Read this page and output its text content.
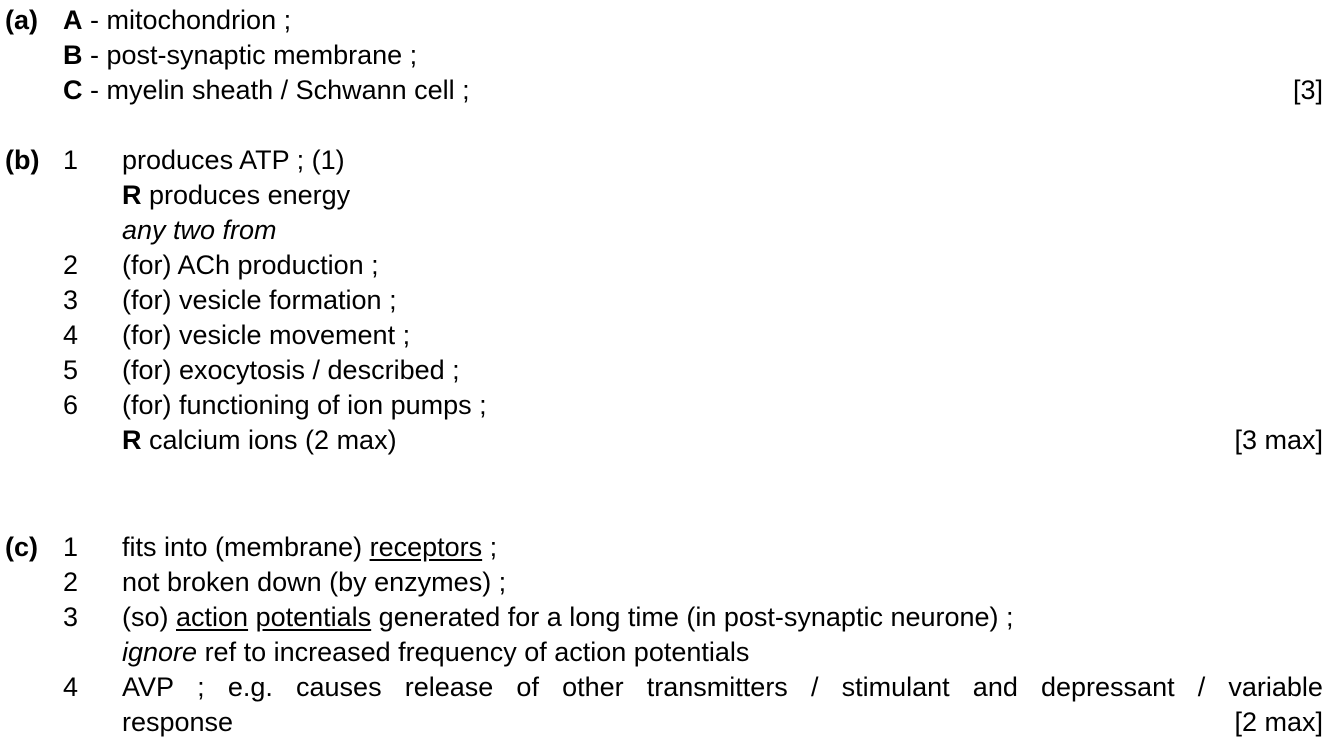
(a) A - mitochondrion ;
B - post-synaptic membrane ;
C - myelin sheath / Schwann cell ;	[3]
(b) 1 produces ATP ; (1)
R produces energy
any two from
2 (for) ACh production ;
3 (for) vesicle formation ;
4 (for) vesicle movement ;
5 (for) exocytosis / described ;
6 (for) functioning of ion pumps ;
R calcium ions (2 max)	[3 max]
(c) 1 fits into (membrane) receptors ;
2 not broken down (by enzymes) ;
3 (so) action potentials generated for a long time (in post-synaptic neurone) ;
ignore ref to increased frequency of action potentials
4 AVP ; e.g. causes release of other transmitters / stimulant and depressant / variable
response	[2 max]
